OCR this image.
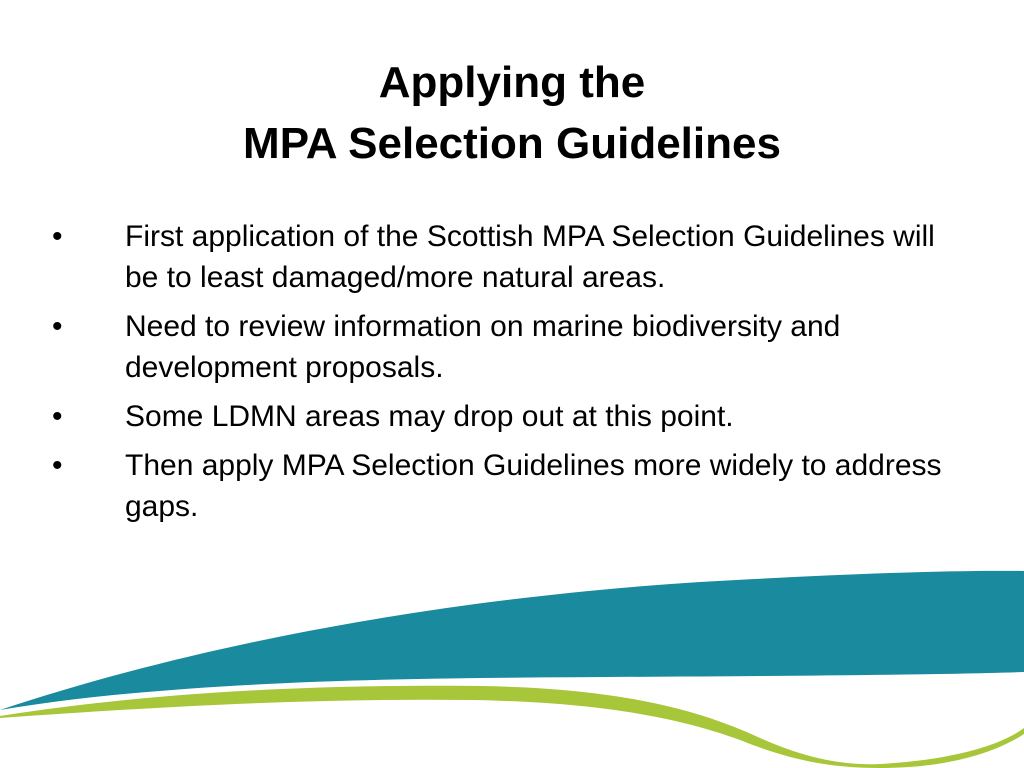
Applying the
MPA Selection Guidelines
•	First application of the Scottish MPA Selection Guidelines will be to least damaged/more natural areas.
•	Need to review information on marine biodiversity and development proposals.
•	Some LDMN areas may drop out at this point.
•	Then apply MPA Selection Guidelines more widely to address gaps.
